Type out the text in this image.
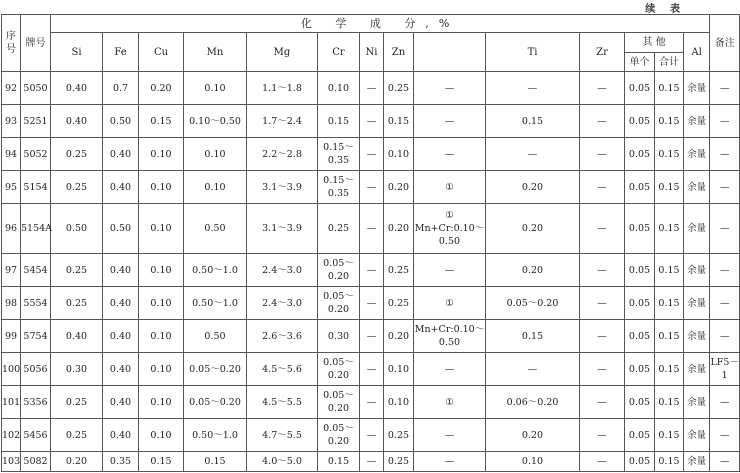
续 表
序号	牌号	化 学 成 分,%														备注
		Si	Fe	Cu	Mn	Mg	Cr	Ni	Zn		Ti	Zr	其 他		Al	
													单个	合计		
92	5050	0.40	0.7	0.20	0.10	1.1～1.8	0.10	—	0.25	—	—	—	0.05	0.15	余量	—
93	5251	0.40	0.50	0.15	0.10～0.50	1.7～2.4	0.15	—	0.15	—	0.15	—	0.05	0.15	余量	—
94	5052	0.25	0.40	0.10	0.10	2.2～2.8	0.15～
0.35	—	0.10	—	—	—	0.05	0.15	余量	—
95	5154	0.25	0.40	0.10	0.10	3.1～3.9	0.15～
0.35	—	0.20	①	0.20	—	0.05	0.15	余量	—
96	5154A	0.50	0.50	0.10	0.50	3.1～3.9	0.25	—	0.20	①
Mn+Cr:0.10～
0.50	0.20	—	0.05	0.15	余量	—
97	5454	0.25	0.40	0.10	0.50～1.0	2.4～3.0	0.05～
0.20	—	0.25	—	0.20	—	0.05	0.15	余量	—
98	5554	0.25	0.40	0.10	0.50～1.0	2.4～3.0	0.05～
0.20	—	0.25	①	0.05～0.20	—	0.05	0.15	余量	—
99	5754	0.40	0.40	0.10	0.50	2.6～3.6	0.30	—	0.20	Mn+Cr:0.10～
0.50	0.15	—	0.05	0.15	余量	—
100	5056	0.30	0.40	0.10	0.05～0.20	4.5～5.6	0.05～
0.20	—	0.10	—	—	—	0.05	0.15	余量	LF5－1
101	5356	0.25	0.40	0.10	0.05～0.20	4.5～5.5	0.05～
0.20	—	0.10	①	0.06～0.20	—	0.05	0.15	余量	—
102	5456	0.25	0.40	0.10	0.50～1.0	4.7～5.5	0.05～
0.20	—	0.25	—	0.20	—	0.05	0.15	余量	—
103	5082	0.20	0.35	0.15	0.15	4.0～5.0	0.15	—	0.25	—	0.10	—	0.05	0.15	余量	—
